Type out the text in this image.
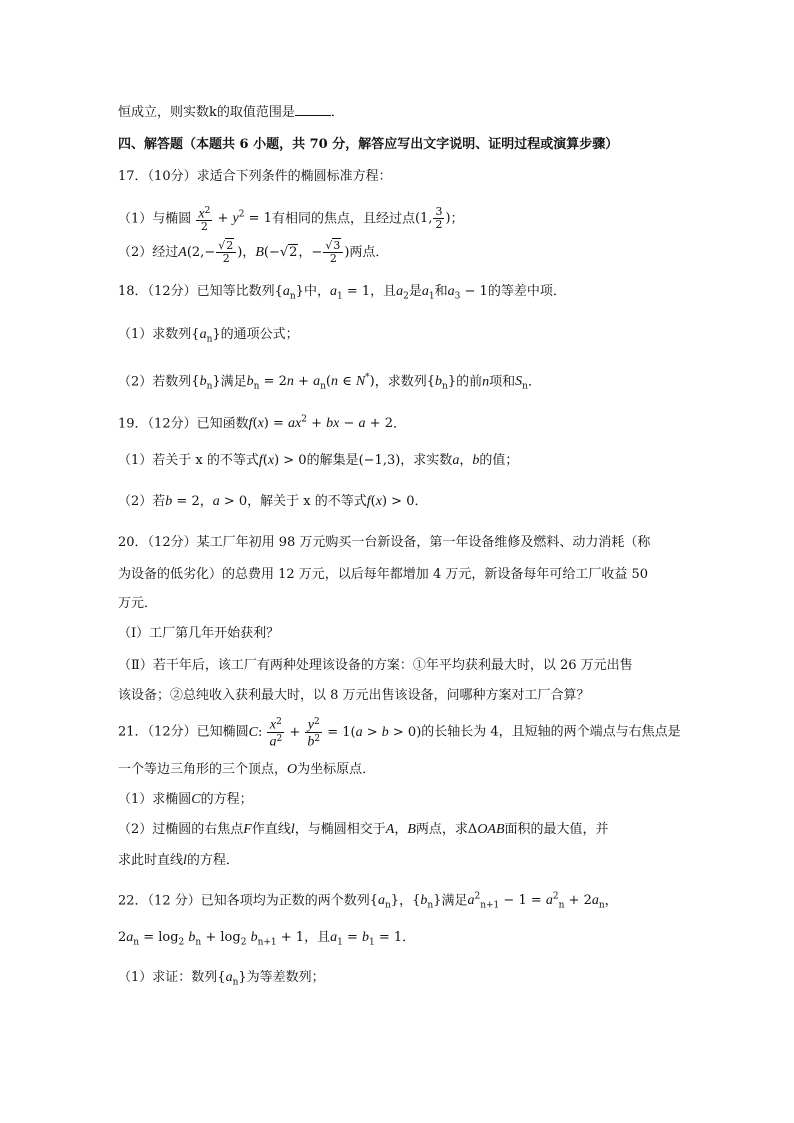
恒成立，则实数k的取值范围是	．
四、解答题（本题共 6 小题，共 70 分，解答应写出文字说明、证明过程或演算步骤）
17．（10分）求适合下列条件的椭圆标准方程：
（1）与椭圆 $\frac{x^2}{2} + y^2 = 1$有相同的焦点，且经过点(1, $\frac{3}{2}$ )；
（2）经过$A(2,- \frac{√2}{2}$ )，B(−√2，− $\frac{√3}{2}$ )两点．
18．（12分）已知等比数列$\{a_n\}$中，$a_1 = 1$，且$a_2$是$a_1$和$a_3 - 1$的等差中项．
（1）求数列$\{a_n\}$的通项公式；
（2）若数列$\{b_n\}$满足$b_n = 2n + a_n(n$ ∈ N*)，求数列$\{b_n\}$的前n项和$S_n$．
19．（12分）已知函数$f(x) = ax^2$ + bx − a + 2．
（1）若关于 x 的不等式f(x) > 0的解集是(−1,3)，求实数a，b的值；
（2）若b = 2，a > 0，解关于 x 的不等式f(x) > 0．
20．（12分）某工厂年初用 98 万元购买一台新设备，第一年设备维修及燃料、动力消耗（称
为设备的低劣化）的总费用 12 万元，以后每年都增加 4 万元，新设备每年可给工厂收益 50
万元．
（Ⅰ）工厂第几年开始获利？
（Ⅱ）若干年后，该工厂有两种处理该设备的方案：①年平均获利最大时，以 26 万元出售
该设备；②总纯收入获利最大时，以 8 万元出售该设备，问哪种方案对工厂合算？
21．（12分）已知椭圆C: $\frac{x^2}{a^2} + \frac{y^2}{b^2} = 1(a > b > 0)$的长轴长为 4，且短轴的两个端点与右焦点是
一个等边三角形的三个顶点，O为坐标原点．
（1）求椭圆C的方程；
（2）过椭圆的右焦点F作直线l，与椭圆相交于A，B两点，求ΔOAB面积的最大值，并
求此时直线l的方程．
22．（12 分）已知各项均为正数的两个数列$\{a_n\}$，$\{b_n\}$满足$a^2_{n+1} - 1 = a^2_n + 2a_n$，
$2a_n = \log_2 b_n + \log_2 b_{n+1} + 1$，且$a_1 = b_1 = 1$．
（1）求证：数列$\{a_n\}$为等差数列；
